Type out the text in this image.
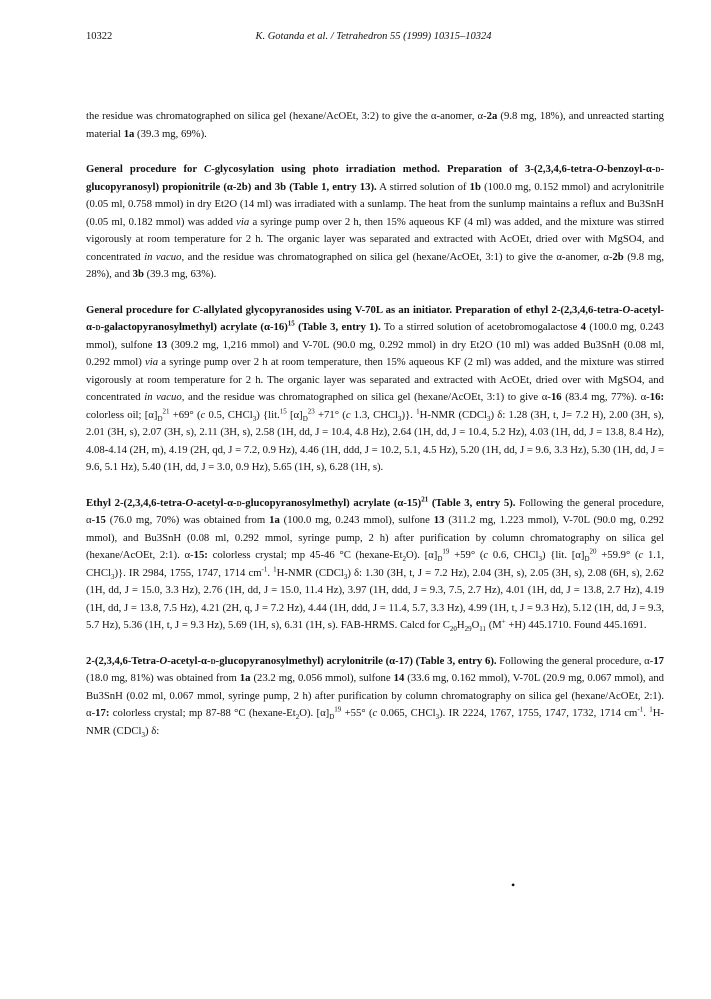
10322	K. Gotanda et al. / Tetrahedron 55 (1999) 10315–10324

the residue was chromatographed on silica gel (hexane/AcOEt, 3:2) to give the α-anomer, α-2a (9.8 mg, 18%), and unreacted starting material 1a (39.3 mg, 69%).

General procedure for C-glycosylation using photo irradiation method. Preparation of 3-(2,3,4,6-tetra-O-benzoyl-α-d-glucopyranosyl) propionitrile (α-2b) and 3b (Table 1, entry 13). A stirred solution of 1b (100.0 mg, 0.152 mmol) and acrylonitrile (0.05 ml, 0.758 mmol) in dry Et2O (14 ml) was irradiated with a sunlamp. The heat from the sunlump maintains a reflux and Bu3SnH (0.05 ml, 0.182 mmol) was added via a syringe pump over 2 h, then 15% aqueous KF (4 ml) was added, and the mixture was stirred vigorously at room temperature for 2 h. The organic layer was separated and extracted with AcOEt, dried over with MgSO4, and concentrated in vacuo, and the residue was chromatographed on silica gel (hexane/AcOEt, 3:1) to give the α-anomer, α-2b (9.8 mg, 28%), and 3b (39.3 mg, 63%).

General procedure for C-allylated glycopyranosides using V-70L as an initiator. Preparation of ethyl 2-(2,3,4,6-tetra-O-acetyl-α-d-galactopyranosylmethyl) acrylate $(\alpha-16)^{15}$ (Table 3, entry 1). To a stirred solution of acetobromogalactose 4 (100.0 mg, 0.243 mmol), sulfone 13 (309.2 mg, 1,216 mmol) and V-70L (90.0 mg, 0.292 mmol) in dry Et2O (10 ml) was added Bu3SnH (0.08 ml, 0.292 mmol) via a syringe pump over 2 h at room temperature, then 15% aqueous KF (2 ml) was added, and the mixture was stirred vigorously at room temperature for 2 h. The organic layer was separated and extracted with AcOEt, dried over with MgSO4, and concentrated in vacuo, and the residue was chromatographed on silica gel (hexane/AcOEt, 3:1) to give α-16 (83.4 mg, 77%). α-16: colorless oil; $[\alpha]_D^{21} +69^\circ$ (c 0.5, CHCl$_3$) {lit.$^{15}$ $[\alpha]_D^{23} +71^\circ$ (c 1.3, CHCl$_3$)}. $^1$H-NMR (CDCl$_3$) δ: 1.28 (3H, t, J= 7.2 H), 2.00 (3H, s), 2.01 (3H, s), 2.07 (3H, s), 2.11 (3H, s), 2.58 (1H, dd, J = 10.4, 4.8 Hz), 2.64 (1H, dd, J = 10.4, 5.2 Hz), 4.03 (1H, dd, J = 13.8, 8.4 Hz), 4.08-4.14 (2H, m), 4.19 (2H, qd, J = 7.2, 0.9 Hz), 4.46 (1H, ddd, J = 10.2, 5.1, 4.5 Hz), 5.20 (1H, dd, J = 9.6, 3.3 Hz), 5.30 (1H, dd, J = 9.6, 5.1 Hz), 5.40 (1H, dd, J = 3.0, 0.9 Hz), 5.65 (1H, s), 6.28 (1H, s).

Ethyl 2-(2,3,4,6-tetra-O-acetyl-α-d-glucopyranosylmethyl) acrylate $(\alpha-15)^{21}$ (Table 3, entry 5). Following the general procedure, α-15 (76.0 mg, 70%) was obtained from 1a (100.0 mg, 0.243 mmol), sulfone 13 (311.2 mg, 1.223 mmol), V-70L (90.0 mg, 0.292 mmol), and Bu3SnH (0.08 ml, 0.292 mmol, syringe pump, 2 h) after purification by column chromatography on silica gel (hexane/AcOEt, 2:1). α-15: colorless crystal; mp 45-46 °C $(hexane-Et_2O)$. $[\alpha]_D^{19} +59^\circ$ (c 0.6, CHCl$_3$) {lit. $[\alpha]_D^{20} +59.9^\circ$ (c 1.1, CHCl$_3$)}. IR 2984, 1755, 1747, 1714 $cm^{-1}$. $^1$H-NMR (CDCl$_3$) δ: 1.30 (3H, t, J = 7.2 Hz), 2.04 (3H, s), 2.05 (3H, s), 2.08 (6H, s), 2.62 (1H, dd, J = 15.0, 3.3 Hz), 2.76 (1H, dd, J = 15.0, 11.4 Hz), 3.97 (1H, ddd, J = 9.3, 7.5, 2.7 Hz), 4.01 (1H, dd, J = 13.8, 2.7 Hz), 4.19 (1H, dd, J = 13.8, 7.5 Hz), 4.21 (2H, q, J = 7.2 Hz), 4.44 (1H, ddd, J = 11.4, 5.7, 3.3 Hz), 4.99 (1H, t, J = 9.3 Hz), 5.12 (1H, dd, J = 9.3, 5.7 Hz), 5.36 (1H, t, J = 9.3 Hz), 5.69 (1H, s), 6.31 (1H, s). FAB-HRMS. Calcd for $C_{20}H_{29}O_{11}$ (M+ +H) 445.1710. Found 445.1691.

2-(2,3,4,6-Tetra-O-acetyl-α-d-glucopyranosylmethyl) acrylonitrile (α-17) (Table 3, entry 6). Following the general procedure, α-17 (18.0 mg, 81%) was obtained from 1a (23.2 mg, 0.056 mmol), sulfone 14 (33.6 mg, 0.162 mmol), V-70L (20.9 mg, 0.067 mmol), and Bu3SnH (0.02 ml, 0.067 mmol, syringe pump, 2 h) after purification by column chromatography on silica gel (hexane/AcOEt, 2:1). α-17: colorless crystal; mp 87-88 °C $(hexane-Et_2O)$. $[\alpha]_D^{19} +55^\circ$ (c 0.065, CHCl$_3$). IR 2224, 1767, 1755, 1747, 1732, 1714 $cm^{-1}$. $^1$H- NMR (CDCl$_3$) δ:

•
